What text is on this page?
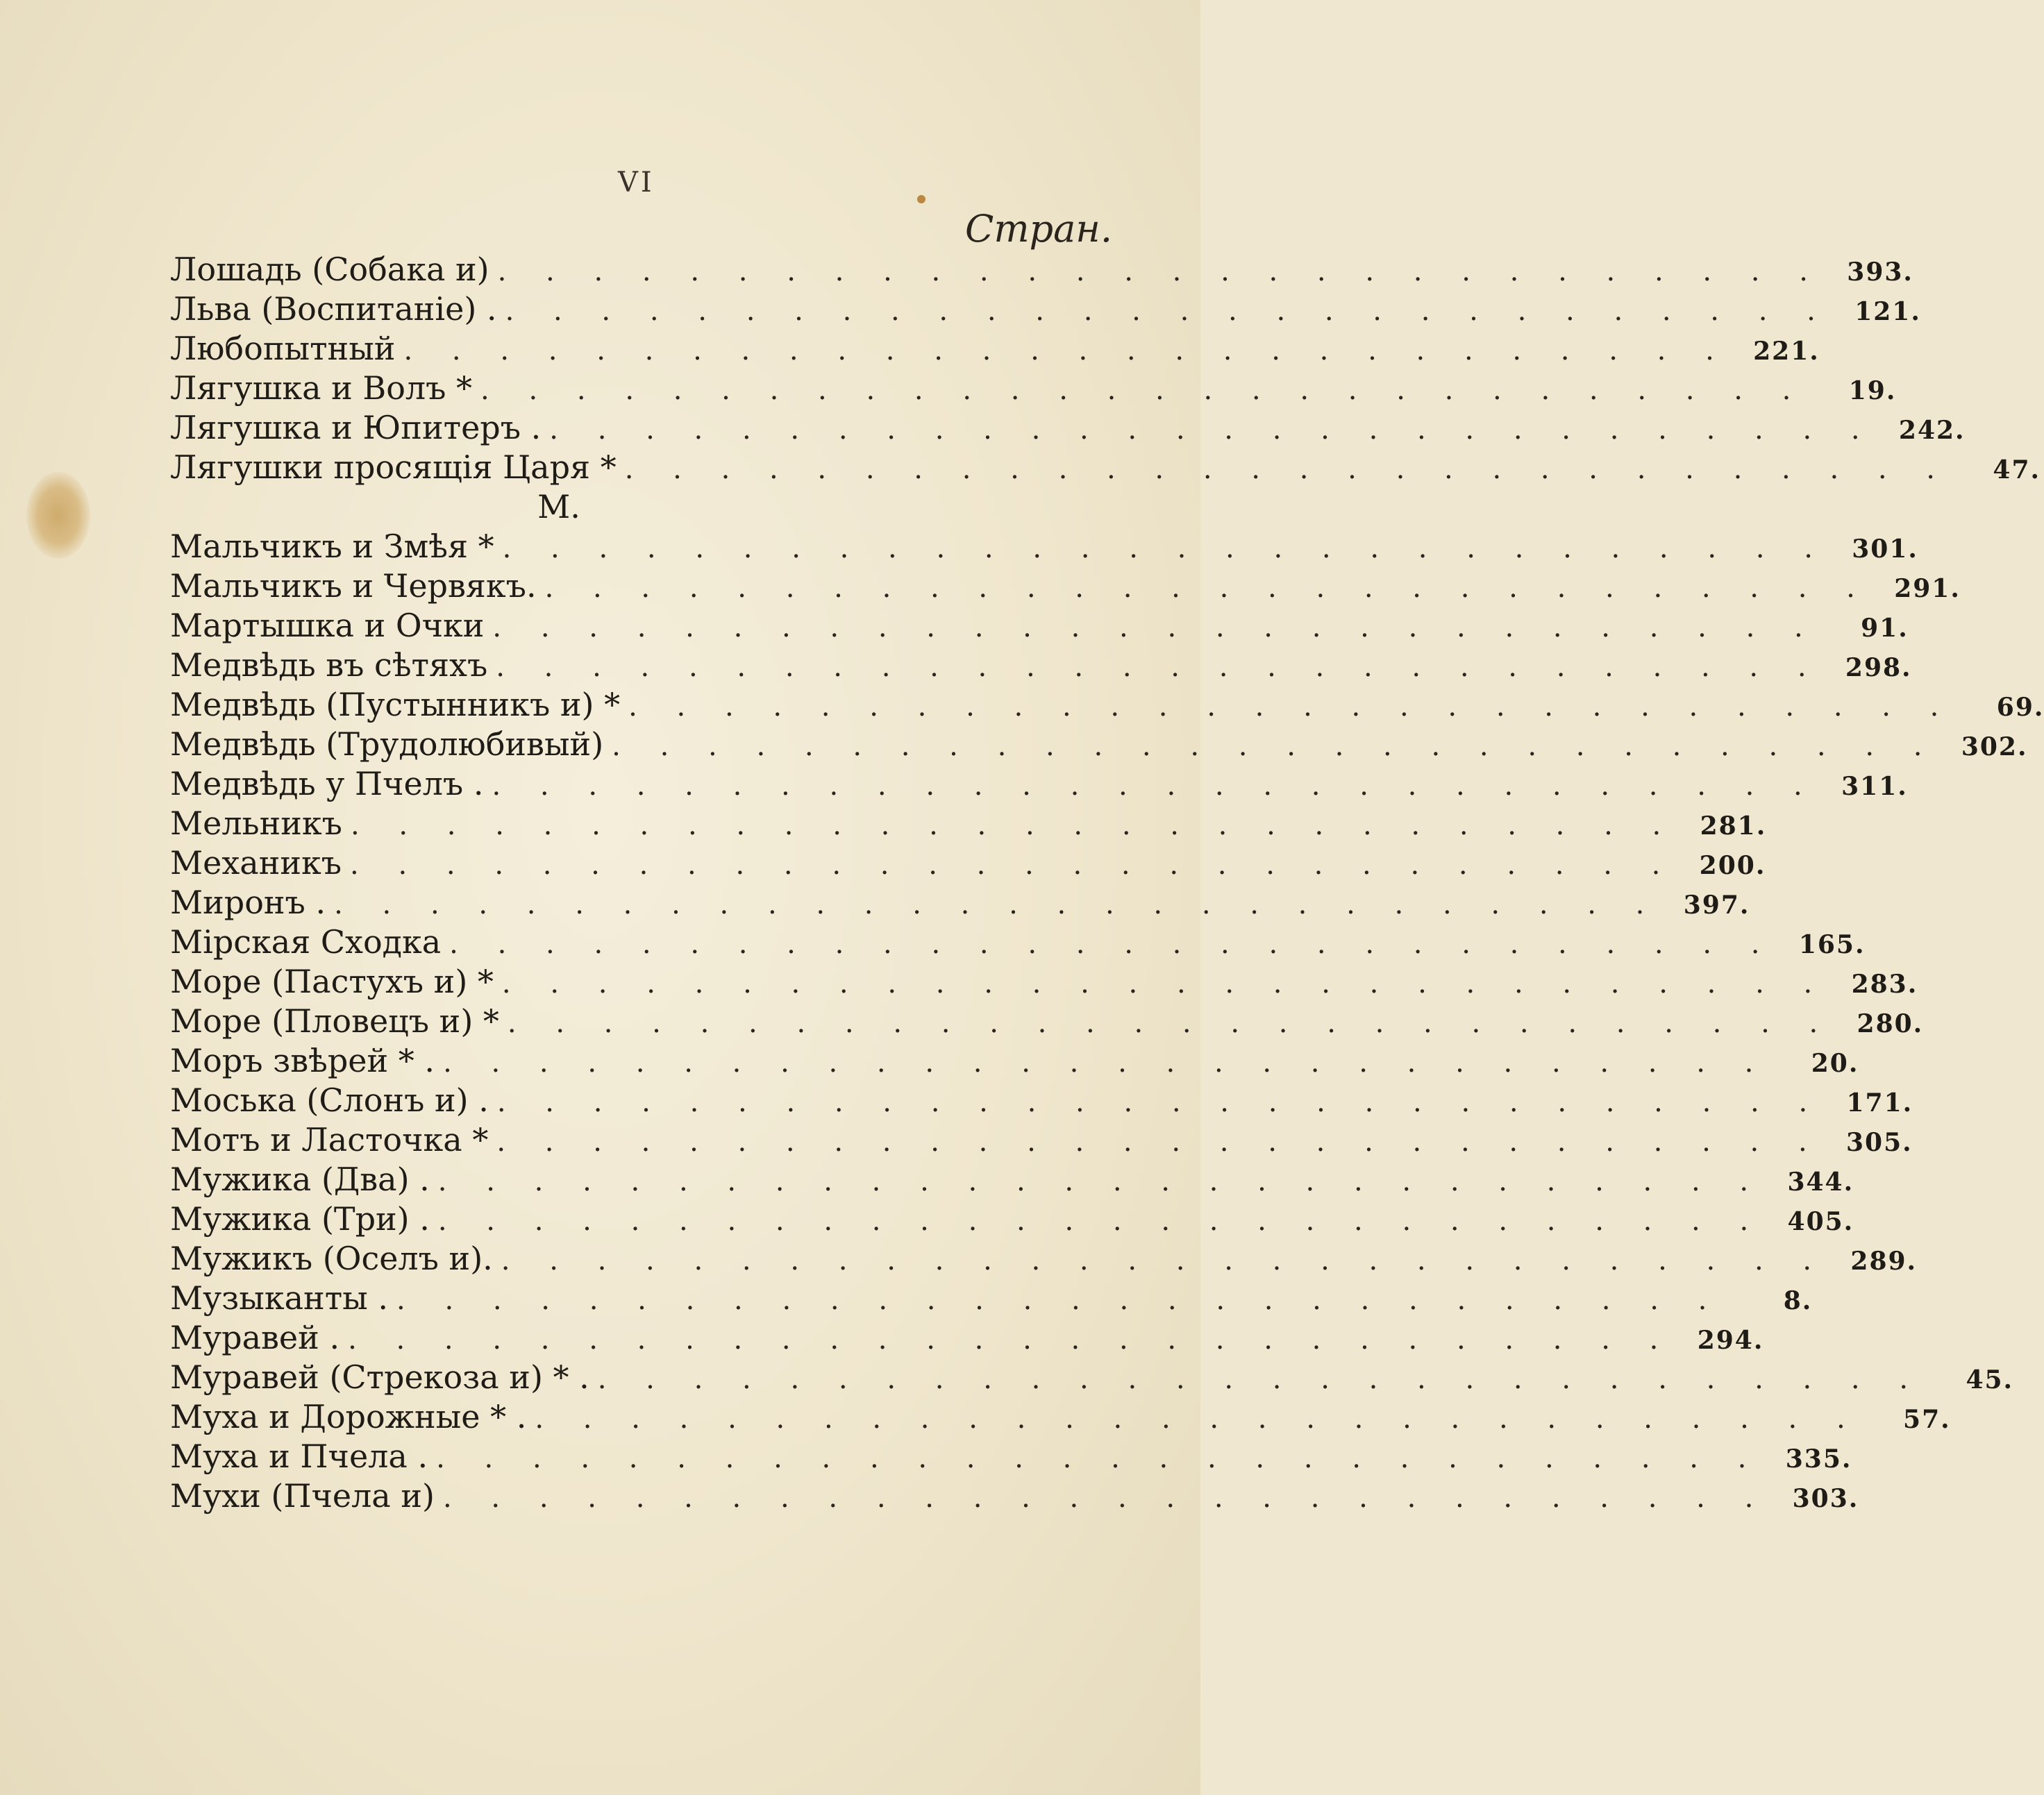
VI
Стран.
Лошадь (Собака и) . . . . . . . . . . . . . . . . . . . . . . . . . . . . 393.
Льва (Воспитаніе) . . . . . . . . . . . . . . . . . . . . . . . . . . . . . 121.
Любопытный . . . . . . . . . . . . . . . . . . . . . . . . . . . . 221.
Лягушка и Волъ * . . . . . . . . . . . . . . . . . . . . . . . . . . . .	19.
Лягушка и Юпитеръ . . . . . . . . . . . . . . . . . . . . . . . . . . . . . 242.
Лягушки просящія Царя * . . . . . . . . . . . . . . . . . . . . . . . . . . . .	47.
М.
Мальчикъ и Змѣя * . . . . . . . . . . . . . . . . . . . . . . . . . . . . 301.
Мальчикъ и Червякъ. . . . . . . . . . . . . . . . . . . . . . . . . . . . . 291.
Мартышка и Очки . . . . . . . . . . . . . . . . . . . . . . . . . . . .	91.
Медвѣдь въ сѣтяхъ . . . . . . . . . . . . . . . . . . . . . . . . . . . . 298.
Медвѣдь (Пустынникъ и) * . . . . . . . . . . . . . . . . . . . . . . . . . . . .	69.
Медвѣдь (Трудолюбивый) . . . . . . . . . . . . . . . . . . . . . . . . . . . . 302.
Медвѣдь у Пчелъ . . . . . . . . . . . . . . . . . . . . . . . . . . . . . 311.
Мельникъ . . . . . . . . . . . . . . . . . . . . . . . . . . . . 281.
Механикъ . . . . . . . . . . . . . . . . . . . . . . . . . . . . 200.
Миронъ . . . . . . . . . . . . . . . . . . . . . . . . . . . . . 397.
Мірская Сходка . . . . . . . . . . . . . . . . . . . . . . . . . . . . 165.
Море (Пастухъ и) * . . . . . . . . . . . . . . . . . . . . . . . . . . . . 283.
Море (Пловецъ и) * . . . . . . . . . . . . . . . . . . . . . . . . . . . . 280.
Моръ звѣрей * . . . . . . . . . . . . . . . . . . . . . . . . . . . . .	20.
Моська (Слонъ и) . . . . . . . . . . . . . . . . . . . . . . . . . . . . . 171.
Мотъ и Ласточка * . . . . . . . . . . . . . . . . . . . . . . . . . . . . 305.
Мужика (Два) . . . . . . . . . . . . . . . . . . . . . . . . . . . . . 344.
Мужика (Три) . . . . . . . . . . . . . . . . . . . . . . . . . . . . . 405.
Мужикъ (Оселъ и). . . . . . . . . . . . . . . . . . . . . . . . . . . . . 289.
Музыканты . . . . . . . . . . . . . . . . . . . . . . . . . . . . .	8.
Муравей . . . . . . . . . . . . . . . . . . . . . . . . . . . . . 294.
Муравей (Стрекоза и) * . . . . . . . . . . . . . . . . . . . . . . . . . . . . .	45.
Муха и Дорожные * . . . . . . . . . . . . . . . . . . . . . . . . . . . . .	57.
Муха и Пчела . . . . . . . . . . . . . . . . . . . . . . . . . . . . . 335.
Мухи (Пчела и) . . . . . . . . . . . . . . . . . . . . . . . . . . . . 303.
